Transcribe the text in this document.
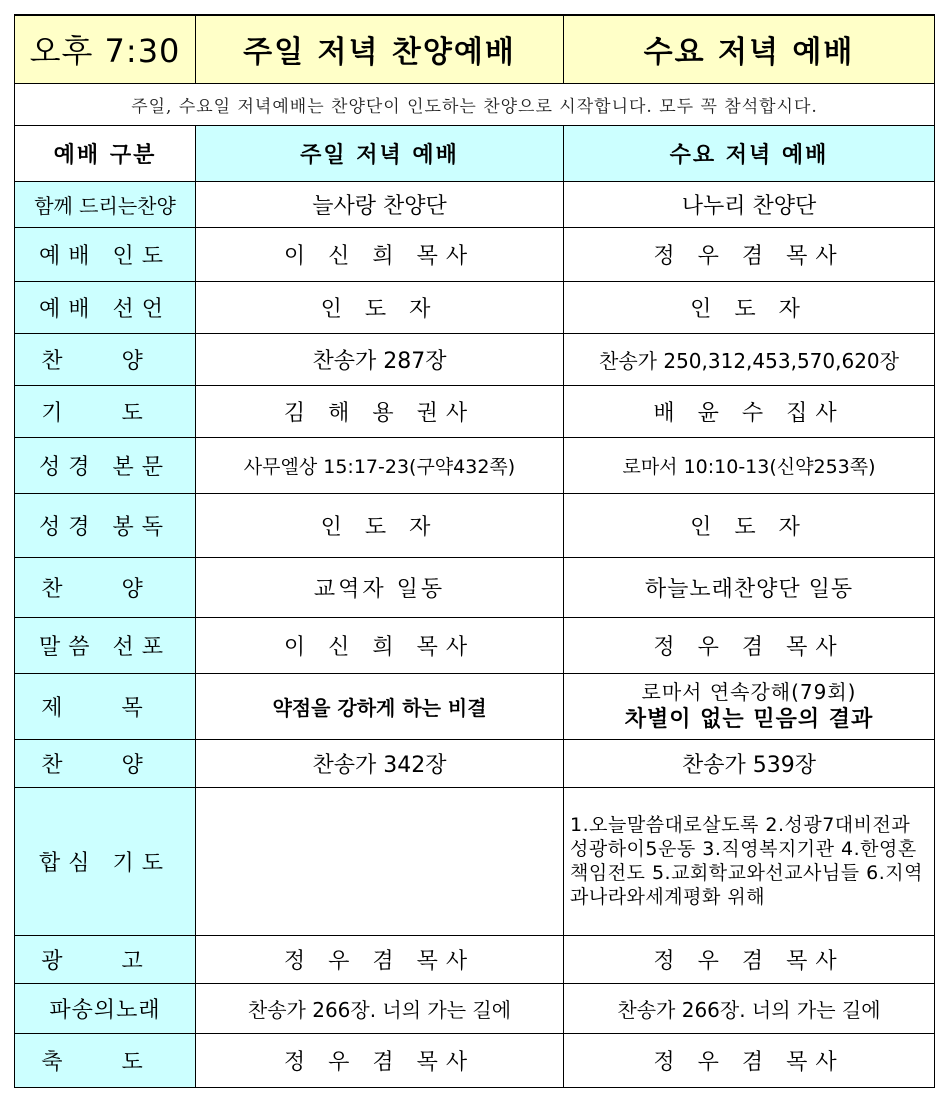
오후 7:30	주일 저녁 찬양예배	수요 저녁 예배
주일, 수요일 저녁예배는 찬양단이 인도하는 찬양으로 시작합니다. 모두 꼭 참석합시다.		
예배 구분	주일 저녁 예배	수요 저녁 예배
함께 드리는찬양	늘사랑 찬양단	나누리 찬양단
예배 인도	이 신 희 목사	정 우 겸 목사
예배 선언	인 도 자	인 도 자
찬 양	찬송가 287장	찬송가 250,312,453,570,620장
기 도	김 해 용 권사	배 윤 수 집사
성경 본문	사무엘상 15:17-23(구약432쪽)	로마서 10:10-13(신약253쪽)
성경 봉독	인 도 자	인 도 자
찬 양	교역자 일동	하늘노래찬양단 일동
말씀 선포	이 신 희 목사	정 우 겸 목사
제 목	약점을 강하게 하는 비결	로마서 연속강해(79회)
차별이 없는 믿음의 결과

찬 양	찬송가 342장	찬송가 539장
합심 기도		1.오늘말씀대로살도록 2.성광7대비전과 성광하이5운동 3.직영복지기관 4.한영혼책임전도 5.교회학교와선교사님들 6.지역과나라와세계평화 위해
광 고	정 우 겸 목사	정 우 겸 목사
파송의노래	찬송가 266장. 너의 가는 길에	찬송가 266장. 너의 가는 길에
축 도	정 우 겸 목사	정 우 겸 목사
